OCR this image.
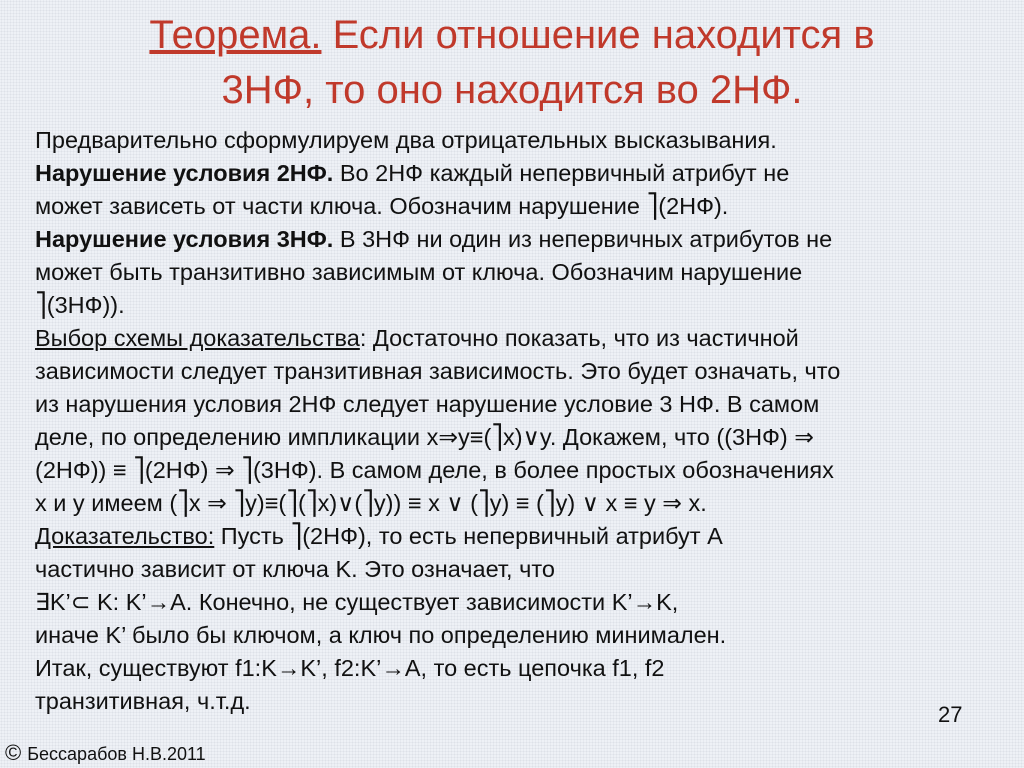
Теорема. Если отношение находится в
3НФ, то оно находится во 2НФ.
Предварительно сформулируем два отрицательных высказывания.
Нарушение условия 2НФ. Во 2НФ каждый непервичный атрибут не
может зависеть от части ключа. Обозначим нарушение ⎤(2НФ).
Нарушение условия 3НФ. В 3НФ ни один из непервичных атрибутов не
может быть транзитивно зависимым от ключа. Обозначим нарушение
⎤(3НФ)).
Выбор схемы доказательства: Достаточно показать, что из частичной
зависимости следует транзитивная зависимость. Это будет означать, что
из нарушения условия 2НФ следует нарушение условие 3 НФ. В самом
деле, по определению импликации x⇒y≡(⎤x)∨y. Докажем, что ((3НФ) ⇒
(2НФ)) ≡ ⎤(2НФ) ⇒ ⎤(3НФ). В самом деле, в более простых обозначениях
x и y имеем (⎤x ⇒ ⎤y)≡(⎤(⎤x)∨(⎤y)) ≡ x ∨ (⎤y) ≡ (⎤y) ∨ x ≡ y ⇒ x.
Доказательство: Пусть ⎤(2НФ), то есть непервичный атрибут A
частично зависит от ключа K. Это означает, что
∃K’⊂ K: K’→A. Конечно, не существует зависимости K’→K,
иначе K’ было бы ключом, а ключ по определению минимален.
Итак, существуют f1:K→K’, f2:K’→A, то есть цепочка f1, f2
транзитивная, ч.т.д.
27
© Бессарабов Н.В.2011
